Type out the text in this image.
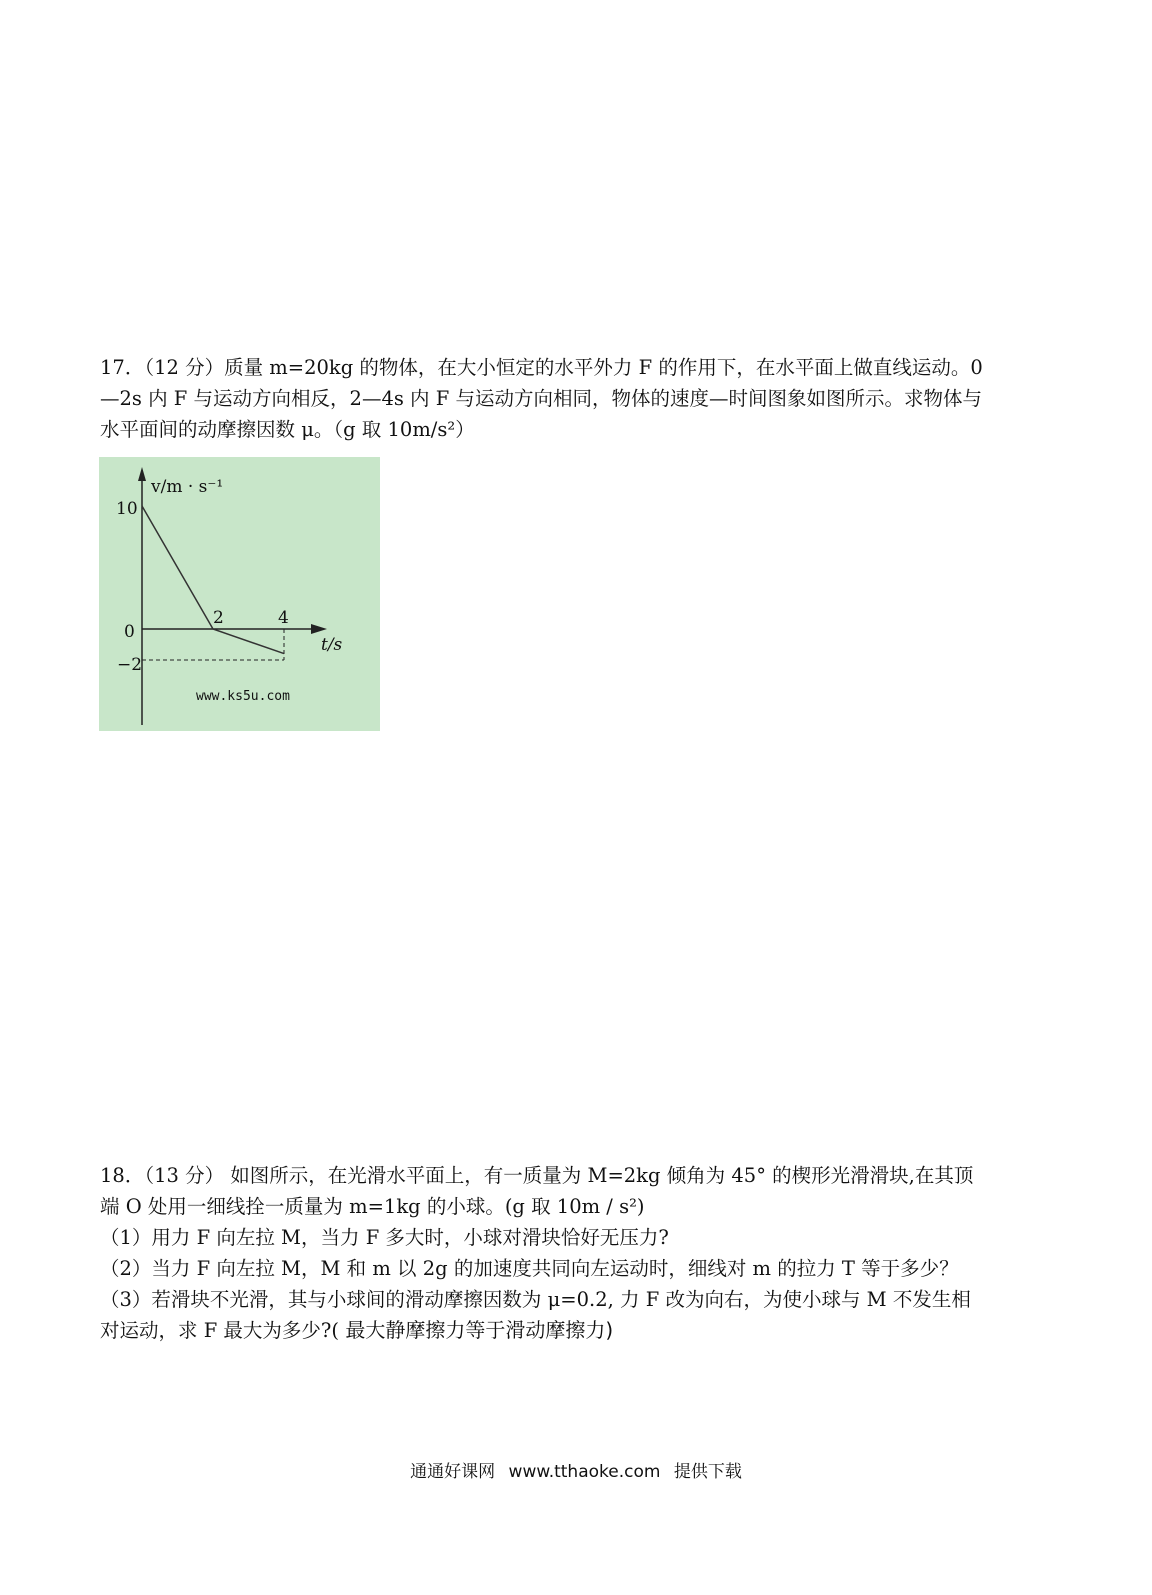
17．（12 分）质量 m=20kg 的物体，在大小恒定的水平外力 F 的作用下，在水平面上做直线运动。0
—2s 内 F 与运动方向相反，2—4s 内 F 与运动方向相同，物体的速度—时间图象如图所示。求物体与
水平面间的动摩擦因数 μ。（g 取 10m/s²）
v/m · s⁻¹
10
0
−2
2	4
t/s
www.ks5u.com
18．（13 分） 如图所示，在光滑水平面上，有一质量为 M=2kg 倾角为 45° 的楔形光滑滑块,在其顶
端 O 处用一细线拴一质量为 m=1kg 的小球。(g 取 10m / s²)
（1）用力 F 向左拉 M，当力 F 多大时，小球对滑块恰好无压力?
（2）当力 F 向左拉 M，M 和 m 以 2g 的加速度共同向左运动时，细线对 m 的拉力 T 等于多少？
（3）若滑块不光滑，其与小球间的滑动摩擦因数为 μ=0.2, 力 F 改为向右，为使小球与 M 不发生相
对运动，求 F 最大为多少?( 最大静摩擦力等于滑动摩擦力)
通通好课网 www.tthaoke.com 提供下载
